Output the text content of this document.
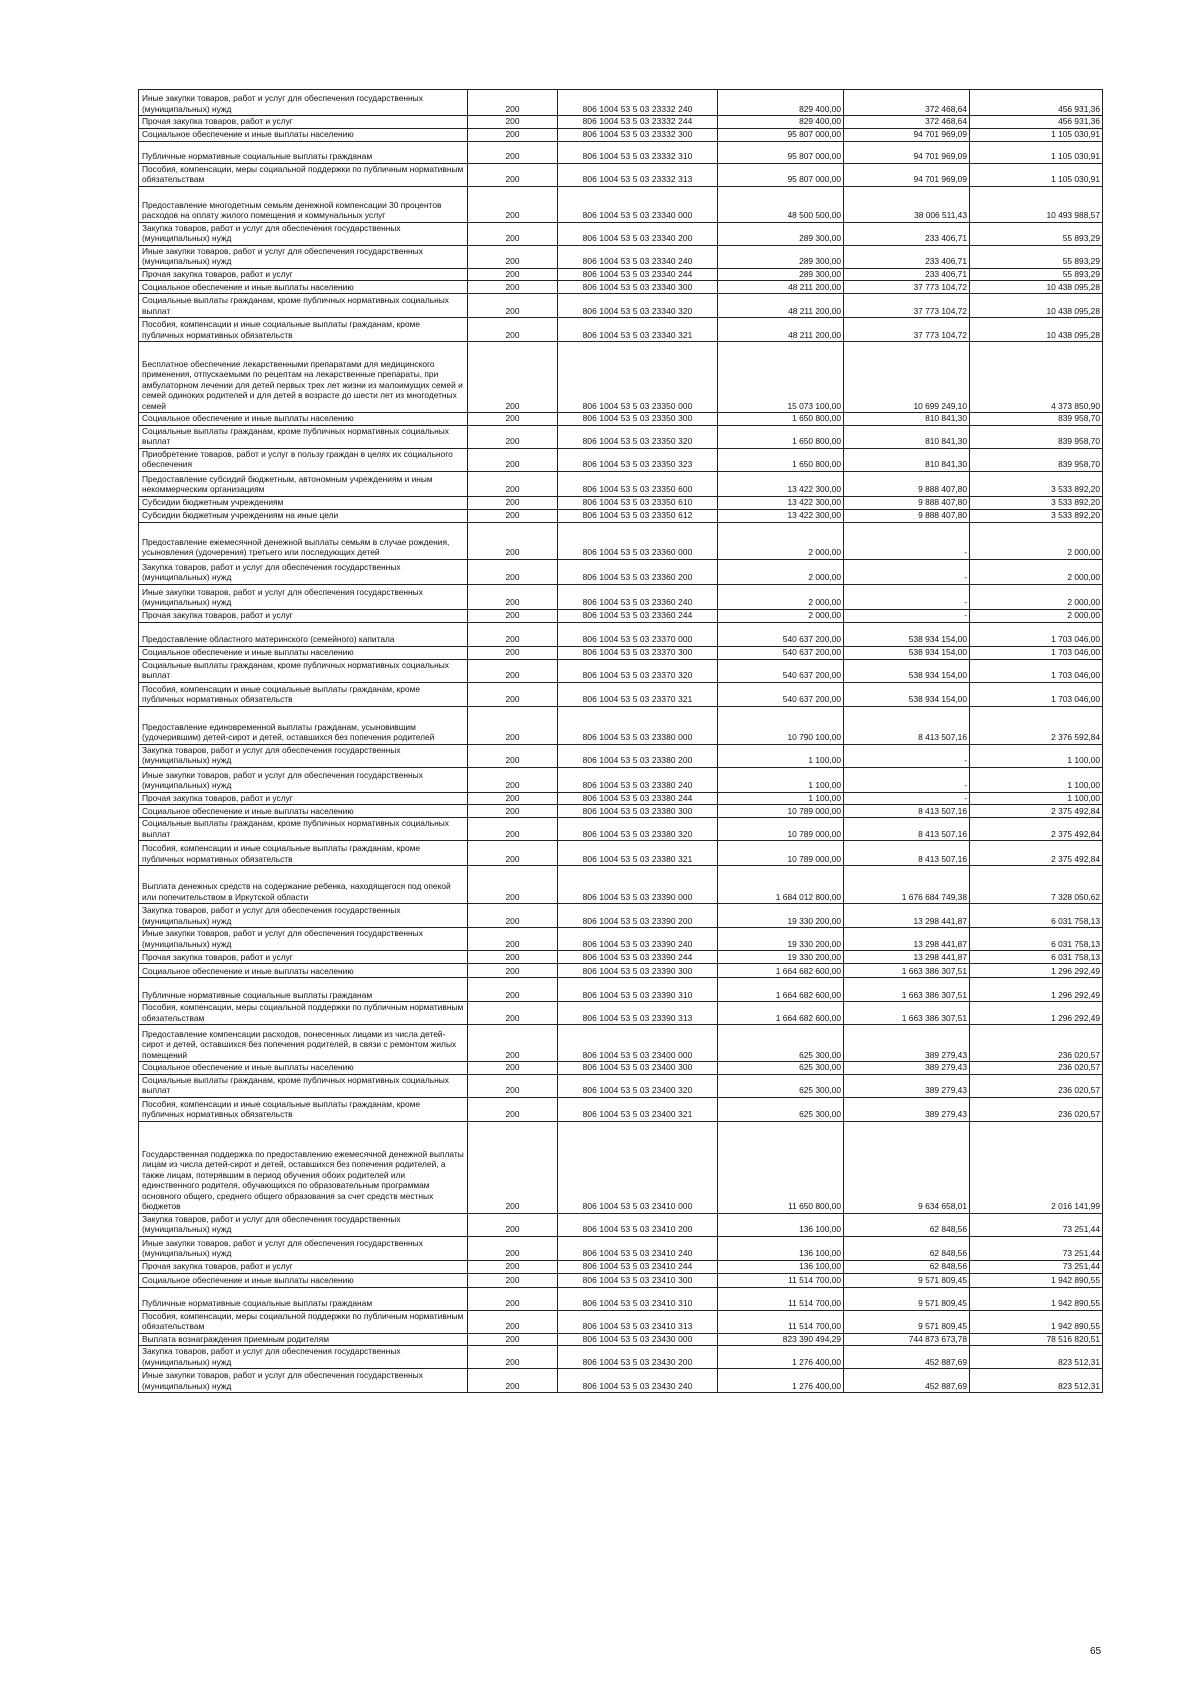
Иные закупки товаров, работ и услуг для обеспечения государственных (муниципальных) нужд	200	806 1004 53 5 03 23332 240	829 400,00	372 468,64	456 931,36
Прочая закупка товаров, работ и услуг	200	806 1004 53 5 03 23332 244	829 400,00	372 468,64	456 931,36
Социальное обеспечение и иные выплаты населению	200	806 1004 53 5 03 23332 300	95 807 000,00	94 701 969,09	1 105 030,91
Публичные нормативные социальные выплаты гражданам	200	806 1004 53 5 03 23332 310	95 807 000,00	94 701 969,09	1 105 030,91
Пособия, компенсации, меры социальной поддержки по публичным нормативным обязательствам	200	806 1004 53 5 03 23332 313	95 807 000,00	94 701 969,09	1 105 030,91
Предоставление многодетным семьям денежной компенсации 30 процентов расходов на оплату жилого помещения и коммунальных услуг	200	806 1004 53 5 03 23340 000	48 500 500,00	38 006 511,43	10 493 988,57
Закупка товаров, работ и услуг для обеспечения государственных (муниципальных) нужд	200	806 1004 53 5 03 23340 200	289 300,00	233 406,71	55 893,29
Иные закупки товаров, работ и услуг для обеспечения государственных (муниципальных) нужд	200	806 1004 53 5 03 23340 240	289 300,00	233 406,71	55 893,29
Прочая закупка товаров, работ и услуг	200	806 1004 53 5 03 23340 244	289 300,00	233 406,71	55 893,29
Социальное обеспечение и иные выплаты населению	200	806 1004 53 5 03 23340 300	48 211 200,00	37 773 104,72	10 438 095,28
Социальные выплаты гражданам, кроме публичных нормативных социальных выплат	200	806 1004 53 5 03 23340 320	48 211 200,00	37 773 104,72	10 438 095,28
Пособия, компенсации и иные социальные выплаты гражданам, кроме публичных нормативных обязательств	200	806 1004 53 5 03 23340 321	48 211 200,00	37 773 104,72	10 438 095,28
Бесплатное обеспечение лекарственными препаратами для медицинского применения, отпускаемыми по рецептам на лекарственные препараты, при амбулаторном лечении для детей первых трех лет жизни из малоимущих семей и семей одиноких родителей и для детей в возрасте до шести лет из многодетных семей	200	806 1004 53 5 03 23350 000	15 073 100,00	10 699 249,10	4 373 850,90
Социальное обеспечение и иные выплаты населению	200	806 1004 53 5 03 23350 300	1 650 800,00	810 841,30	839 958,70
Социальные выплаты гражданам, кроме публичных нормативных социальных выплат	200	806 1004 53 5 03 23350 320	1 650 800,00	810 841,30	839 958,70
Приобретение товаров, работ и услуг в пользу граждан в целях их социального обеспечения	200	806 1004 53 5 03 23350 323	1 650 800,00	810 841,30	839 958,70
Предоставление субсидий бюджетным, автономным учреждениям и иным некоммерческим организациям	200	806 1004 53 5 03 23350 600	13 422 300,00	9 888 407,80	3 533 892,20
Субсидии бюджетным учреждениям	200	806 1004 53 5 03 23350 610	13 422 300,00	9 888 407,80	3 533 892,20
Субсидии бюджетным учреждениям на иные цели	200	806 1004 53 5 03 23350 612	13 422 300,00	9 888 407,80	3 533 892,20
Предоставление ежемесячной денежной выплаты семьям в случае рождения, усыновления (удочерения) третьего или последующих детей	200	806 1004 53 5 03 23360 000	2 000,00	-	2 000,00
Закупка товаров, работ и услуг для обеспечения государственных (муниципальных) нужд	200	806 1004 53 5 03 23360 200	2 000,00	-	2 000,00
Иные закупки товаров, работ и услуг для обеспечения государственных (муниципальных) нужд	200	806 1004 53 5 03 23360 240	2 000,00	-	2 000,00
Прочая закупка товаров, работ и услуг	200	806 1004 53 5 03 23360 244	2 000,00	-	2 000,00
Предоставление областного материнского (семейного) капитала	200	806 1004 53 5 03 23370 000	540 637 200,00	538 934 154,00	1 703 046,00
Социальное обеспечение и иные выплаты населению	200	806 1004 53 5 03 23370 300	540 637 200,00	538 934 154,00	1 703 046,00
Социальные выплаты гражданам, кроме публичных нормативных социальных выплат	200	806 1004 53 5 03 23370 320	540 637 200,00	538 934 154,00	1 703 046,00
Пособия, компенсации и иные социальные выплаты гражданам, кроме публичных нормативных обязательств	200	806 1004 53 5 03 23370 321	540 637 200,00	538 934 154,00	1 703 046,00
Предоставление единовременной выплаты гражданам, усыновившим (удочерившим) детей-сирот и детей, оставшихся без попечения родителей	200	806 1004 53 5 03 23380 000	10 790 100,00	8 413 507,16	2 376 592,84
Закупка товаров, работ и услуг для обеспечения государственных (муниципальных) нужд	200	806 1004 53 5 03 23380 200	1 100,00	-	1 100,00
Иные закупки товаров, работ и услуг для обеспечения государственных (муниципальных) нужд	200	806 1004 53 5 03 23380 240	1 100,00	-	1 100,00
Прочая закупка товаров, работ и услуг	200	806 1004 53 5 03 23380 244	1 100,00	-	1 100,00
Социальное обеспечение и иные выплаты населению	200	806 1004 53 5 03 23380 300	10 789 000,00	8 413 507,16	2 375 492,84
Социальные выплаты гражданам, кроме публичных нормативных социальных выплат	200	806 1004 53 5 03 23380 320	10 789 000,00	8 413 507,16	2 375 492,84
Пособия, компенсации и иные социальные выплаты гражданам, кроме публичных нормативных обязательств	200	806 1004 53 5 03 23380 321	10 789 000,00	8 413 507,16	2 375 492,84
Выплата денежных средств на содержание ребенка, находящегося под опекой или попечительством в Иркутской области	200	806 1004 53 5 03 23390 000	1 684 012 800,00	1 676 684 749,38	7 328 050,62
Закупка товаров, работ и услуг для обеспечения государственных (муниципальных) нужд	200	806 1004 53 5 03 23390 200	19 330 200,00	13 298 441,87	6 031 758,13
Иные закупки товаров, работ и услуг для обеспечения государственных (муниципальных) нужд	200	806 1004 53 5 03 23390 240	19 330 200,00	13 298 441,87	6 031 758,13
Прочая закупка товаров, работ и услуг	200	806 1004 53 5 03 23390 244	19 330 200,00	13 298 441,87	6 031 758,13
Социальное обеспечение и иные выплаты населению	200	806 1004 53 5 03 23390 300	1 664 682 600,00	1 663 386 307,51	1 296 292,49
Публичные нормативные социальные выплаты гражданам	200	806 1004 53 5 03 23390 310	1 664 682 600,00	1 663 386 307,51	1 296 292,49
Пособия, компенсации, меры социальной поддержки по публичным нормативным обязательствам	200	806 1004 53 5 03 23390 313	1 664 682 600,00	1 663 386 307,51	1 296 292,49
Предоставление компенсации расходов, понесенных лицами из числа детей-сирот и детей, оставшихся без попечения родителей, в связи с ремонтом жилых помещений	200	806 1004 53 5 03 23400 000	625 300,00	389 279,43	236 020,57
Социальное обеспечение и иные выплаты населению	200	806 1004 53 5 03 23400 300	625 300,00	389 279,43	236 020,57
Социальные выплаты гражданам, кроме публичных нормативных социальных выплат	200	806 1004 53 5 03 23400 320	625 300,00	389 279,43	236 020,57
Пособия, компенсации и иные социальные выплаты гражданам, кроме публичных нормативных обязательств	200	806 1004 53 5 03 23400 321	625 300,00	389 279,43	236 020,57
Государственная поддержка по предоставлению ежемесячной денежной выплаты лицам из числа детей-сирот и детей, оставшихся без попечения родителей, а также лицам, потерявшим в период обучения обоих родителей или единственного родителя, обучающихся по образовательным программам основного общего, среднего общего образования за счет средств местных бюджетов	200	806 1004 53 5 03 23410 000	11 650 800,00	9 634 658,01	2 016 141,99
Закупка товаров, работ и услуг для обеспечения государственных (муниципальных) нужд	200	806 1004 53 5 03 23410 200	136 100,00	62 848,56	73 251,44
Иные закупки товаров, работ и услуг для обеспечения государственных (муниципальных) нужд	200	806 1004 53 5 03 23410 240	136 100,00	62 848,56	73 251,44
Прочая закупка товаров, работ и услуг	200	806 1004 53 5 03 23410 244	136 100,00	62 848,56	73 251,44
Социальное обеспечение и иные выплаты населению	200	806 1004 53 5 03 23410 300	11 514 700,00	9 571 809,45	1 942 890,55
Публичные нормативные социальные выплаты гражданам	200	806 1004 53 5 03 23410 310	11 514 700,00	9 571 809,45	1 942 890,55
Пособия, компенсации, меры социальной поддержки по публичным нормативным обязательствам	200	806 1004 53 5 03 23410 313	11 514 700,00	9 571 809,45	1 942 890,55
Выплата вознаграждения приемным родителям	200	806 1004 53 5 03 23430 000	823 390 494,29	744 873 673,78	78 516 820,51
Закупка товаров, работ и услуг для обеспечения государственных (муниципальных) нужд	200	806 1004 53 5 03 23430 200	1 276 400,00	452 887,69	823 512,31
Иные закупки товаров, работ и услуг для обеспечения государственных (муниципальных) нужд	200	806 1004 53 5 03 23430 240	1 276 400,00	452 887,69	823 512,31
65
